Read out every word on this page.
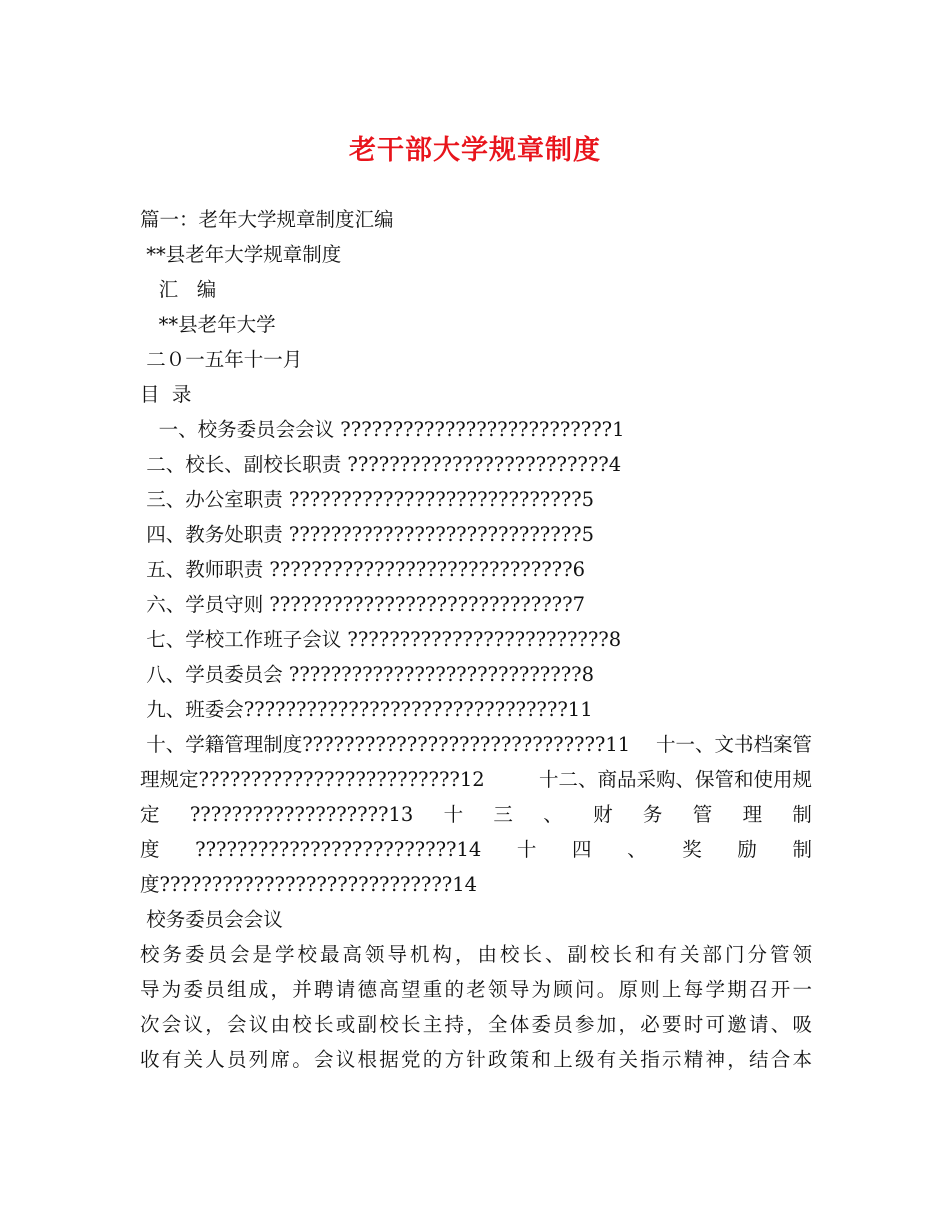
老干部大学规章制度
篇一：老年大学规章制度汇编
**县老年大学规章制度
汇   编
**县老年大学
二０一五年十一月
目  录
一、校务委员会会议 ??????????????????????????1
二、校长、副校长职责 ?????????????????????????4
三、办公室职责 ????????????????????????????5
四、教务处职责 ????????????????????????????5
五、教师职责 ?????????????????????????????6
六、学员守则 ?????????????????????????????7
七、学校工作班子会议 ?????????????????????????8
八、学员委员会 ????????????????????????????8
九、班委会???????????????????????????????11
十、学籍管理制度?????????????????????????????11 十一、文书档案管
理规定?????????????????????????12	十二、商品采购、保管和使用规
定 ???????????????????13 十 三 、 财 务 管 理 制
度 ?????????????????????????14 十 四 、 奖 励 制
度????????????????????????????14
校务委员会会议
校务委员会是学校最高领导机构，由校长、副校长和有关部门分管领
导为委员组成，并聘请德高望重的老领导为顾问。原则上每学期召开一
次会议，会议由校长或副校长主持，全体委员参加，必要时可邀请、吸
收有关人员列席。会议根据党的方针政策和上级有关指示精神，结合本
